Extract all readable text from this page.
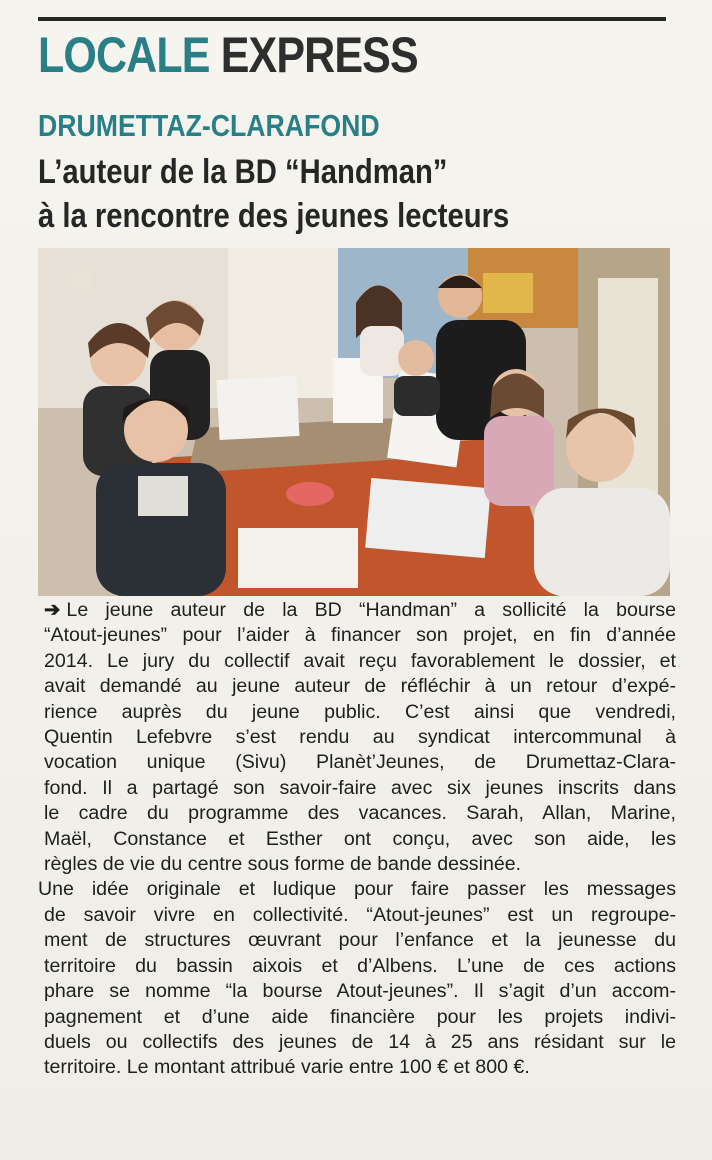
LOCALE EXPRESS
DRUMETTAZ-CLARAFOND
L’auteur de la BD “Handman”
à la rencontre des jeunes lecteurs
➔ Le jeune auteur de la BD “Handman” a sollicité la bourse
“Atout-jeunes” pour l’aider à financer son projet, en fin d’année
2014. Le jury du collectif avait reçu favorablement le dossier, et
avait demandé au jeune auteur de réfléchir à un retour d’expé-
rience auprès du jeune public. C’est ainsi que vendredi,
Quentin Lefebvre s’est rendu au syndicat intercommunal à
vocation unique (Sivu) Planèt’Jeunes, de Drumettaz-Clara-
fond. Il a partagé son savoir-faire avec six jeunes inscrits dans
le cadre du programme des vacances. Sarah, Allan, Marine,
Maël, Constance et Esther ont conçu, avec son aide, les
règles de vie du centre sous forme de bande dessinée.
Une idée originale et ludique pour faire passer les messages
de savoir vivre en collectivité. “Atout-jeunes” est un regroupe-
ment de structures œuvrant pour l’enfance et la jeunesse du
territoire du bassin aixois et d’Albens. L’une de ces actions
phare se nomme “la bourse Atout-jeunes”. Il s’agit d’un accom-
pagnement et d’une aide financière pour les projets indivi-
duels ou collectifs des jeunes de 14 à 25 ans résidant sur le
territoire. Le montant attribué varie entre 100 € et 800 €.
